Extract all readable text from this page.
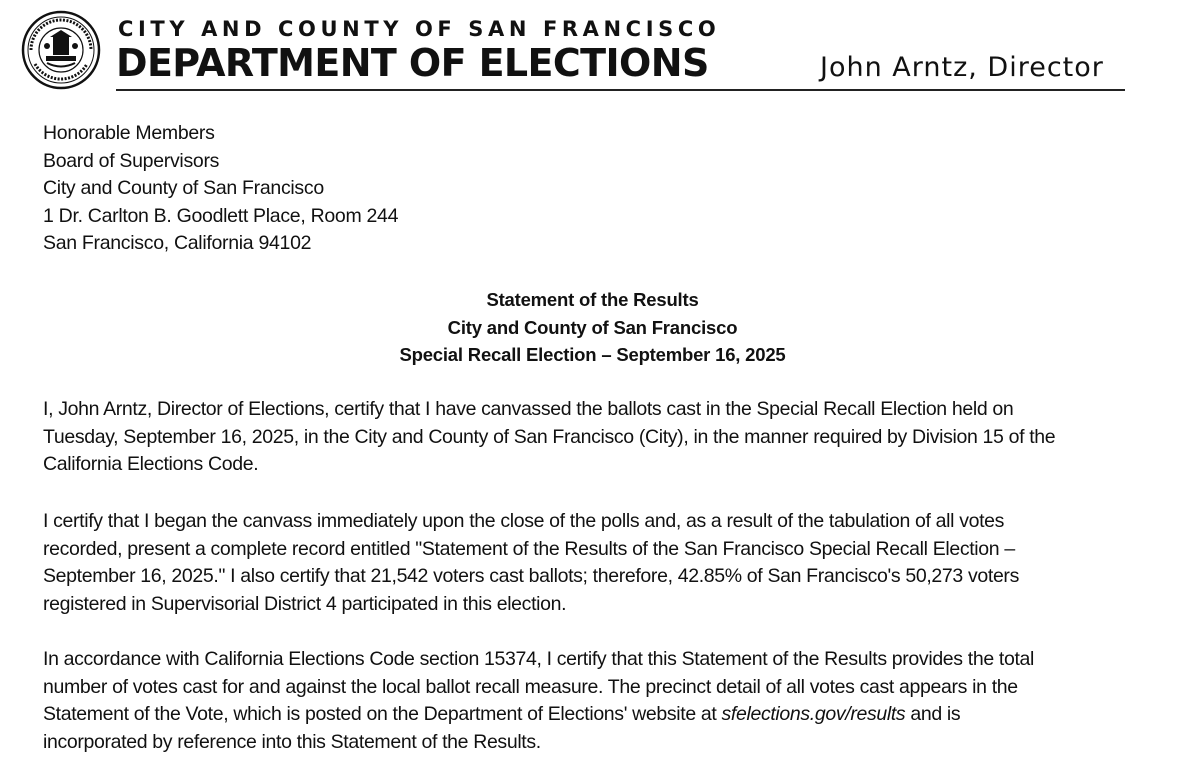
CITY AND COUNTY OF SAN FRANCISCO
DEPARTMENT OF ELECTIONS	John Arntz, Director
Honorable Members
Board of Supervisors
City and County of San Francisco
1 Dr. Carlton B. Goodlett Place, Room 244
San Francisco, California 94102
Statement of the Results
City and County of San Francisco
Special Recall Election – September 16, 2025
I, John Arntz, Director of Elections, certify that I have canvassed the ballots cast in the Special Recall Election held on
Tuesday, September 16, 2025, in the City and County of San Francisco (City), in the manner required by Division 15 of the
California Elections Code.
I certify that I began the canvass immediately upon the close of the polls and, as a result of the tabulation of all votes
recorded, present a complete record entitled "Statement of the Results of the San Francisco Special Recall Election –
September 16, 2025." I also certify that 21,542 voters cast ballots; therefore, 42.85% of San Francisco's 50,273 voters
registered in Supervisorial District 4 participated in this election.
In accordance with California Elections Code section 15374, I certify that this Statement of the Results provides the total
number of votes cast for and against the local ballot recall measure. The precinct detail of all votes cast appears in the
Statement of the Vote, which is posted on the Department of Elections' website at sfelections.gov/results and is
incorporated by reference into this Statement of the Results.
